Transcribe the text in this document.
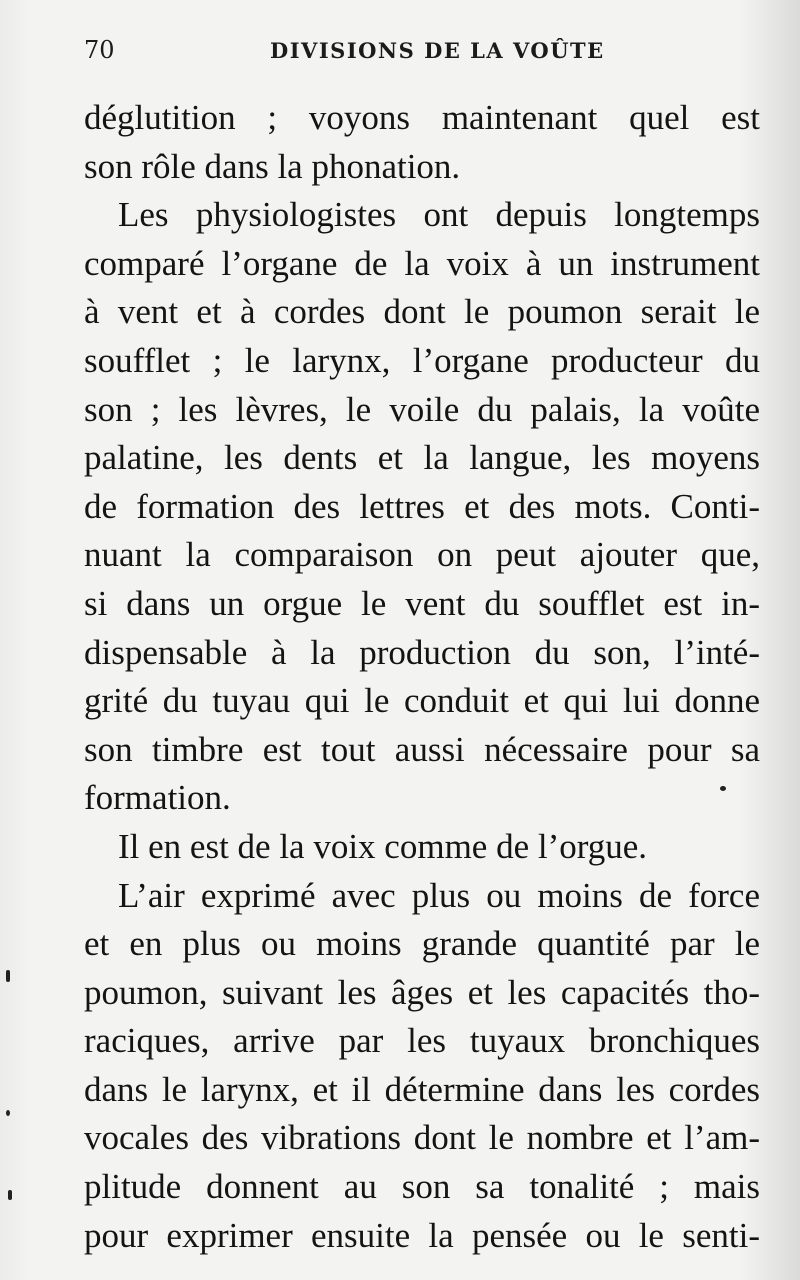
70	DIVISIONS DE LA VOÛTE
déglutition ; voyons maintenant quel est
son rôle dans la phonation.
Les physiologistes ont depuis longtemps
comparé l’organe de la voix à un instrument
à vent et à cordes dont le poumon serait le
soufflet ; le larynx, l’organe producteur du
son ; les lèvres, le voile du palais, la voûte
palatine, les dents et la langue, les moyens
de formation des lettres et des mots. Conti-
nuant la comparaison on peut ajouter que,
si dans un orgue le vent du soufflet est in-
dispensable à la production du son, l’inté-
grité du tuyau qui le conduit et qui lui donne
son timbre est tout aussi nécessaire pour sa
formation.
Il en est de la voix comme de l’orgue.
L’air exprimé avec plus ou moins de force
et en plus ou moins grande quantité par le
poumon, suivant les âges et les capacités tho-
raciques, arrive par les tuyaux bronchiques
dans le larynx, et il détermine dans les cordes
vocales des vibrations dont le nombre et l’am-
plitude donnent au son sa tonalité ; mais
pour exprimer ensuite la pensée ou le senti-
